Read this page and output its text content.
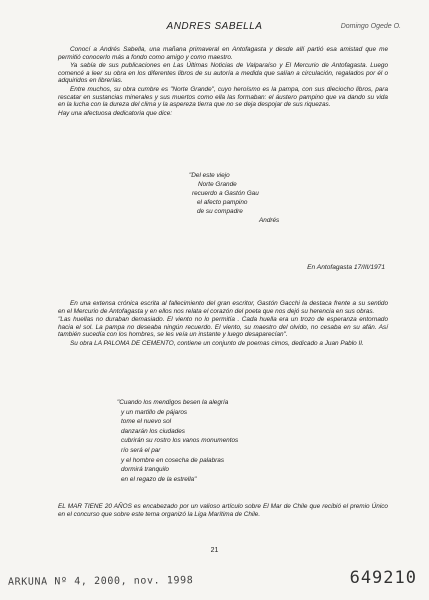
ANDRES SABELLA	Domingo Ogede O.

Conocí a Andrés Sabella, una mañana primaveral en Antofagasta y desde allí partió esa amistad que me permitió conocerlo más a fondo como amigo y como maestro.

Ya sabía de sus publicaciones en Las Últimas Noticias de Valparaíso y El Mercurio de Antofagasta. Luego comencé a leer su obra en los diferentes libros de su autoría a medida que salían a circulación, regalados por él o adquiridos en librerías.

Entre muchos, su obra cumbre es "Norte Grande", cuyo heroísmo es la pampa, con sus dieciocho libros, para rescatar en sustancias minerales y sus muertos como ella las formaban: el áustero pampino que va dando su vida en la lucha con la dureza del clima y la aspereza tierra que no se deja despojar de sus riquezas.

Hay una afectuosa dedicatoria que dice:

"Del este viejo
Norte Grande
recuerdo a Gastón Gau
el afecto pampino
de su compadre
Andrés
En Antofagasta 17/III/1971

En una extensa crónica escrita al fallecimiento del gran escritor, Gastón Gacchi la destaca frente a su sentido en el Mercurio de Antofagasta y en ellos nos relata el corazón del poeta que nos dejó su herencia en sus obras.

"Las huellas no duraban demasiado. El viento no lo permitía . Cada huella era un trozo de esperanza entornado hacia el sol. La pampa no deseaba ningún recuerdo. El viento, su maestro del olvido, no cesaba en su afán. Así también sucedía con los hombres, se les veía un instante y luego desaparecían".

Su obra LA PALOMA DE CEMENTO, contiene un conjunto de poemas cimos, dedicado a Juan Pablo II.

"Cuando los mendigos besen la alegría
y un martillo de pájaros
tome el nuevo sol
danzarán los ciudades
cubrirán su rostro los vanos monumentos
río será el par
y el hombre en cosecha de palabras
dormirá tranquilo
en el regazo de la estrella"

EL MAR TIENE 20 AÑOS es encabezado por un valioso artículo sobre El Mar de Chile que recibió el premio Único en el concurso que sobre este tema organizó la Liga Marítima de Chile.

21
ARKUNA Nº 4, 2000, nov. 1998	649210
